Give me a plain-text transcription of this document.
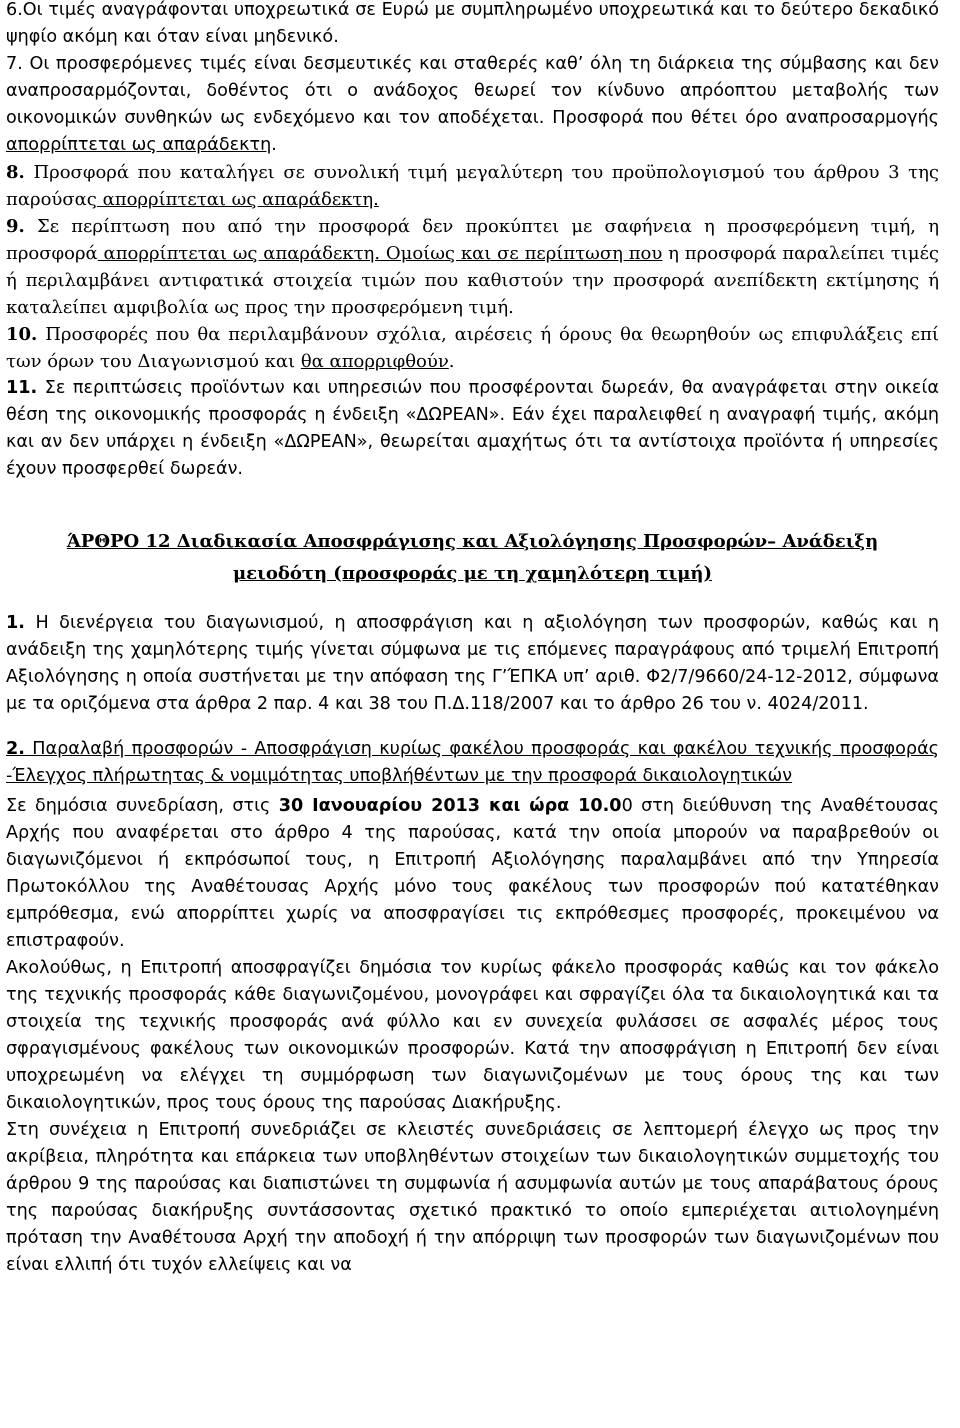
6.Οι τιμές αναγράφονται υποχρεωτικά σε Ευρώ με συμπληρωμένο υποχρεωτικά και το δεύτερο δεκαδικό ψηφίο ακόμη και όταν είναι μηδενικό.

7. Οι προσφερόμενες τιμές είναι δεσμευτικές και σταθερές καθ’ όλη τη διάρκεια της σύμβασης και δεν αναπροσαρμόζονται, δοθέντος ότι ο ανάδοχος θεωρεί τον κίνδυνο απρόοπτου μεταβολής των οικονομικών συνθηκών ως ενδεχόμενο και τον αποδέχεται. Προσφορά που θέτει όρο αναπροσαρμογής απορρίπτεται ως απαράδεκτη.

8. Προσφορά που καταλήγει σε συνολική τιμή μεγαλύτερη του προϋπολογισμού του άρθρου 3 της παρούσας απορρίπτεται ως απαράδεκτη.

9. Σε περίπτωση που από την προσφορά δεν προκύπτει με σαφήνεια η προσφερόμενη τιμή, η προσφορά απορρίπτεται ως απαράδεκτη. Ομοίως και σε περίπτωση που η προσφορά παραλείπει τιμές ή περιλαμβάνει αντιφατικά στοιχεία τιμών που καθιστούν την προσφορά ανεπίδεκτη εκτίμησης ή καταλείπει αμφιβολία ως προς την προσφερόμενη τιμή.

10. Προσφορές που θα περιλαμβάνουν σχόλια, αιρέσεις ή όρους θα θεωρηθούν ως επιφυλάξεις επί των όρων του Διαγωνισμού και θα απορριφθούν.

11. Σε περιπτώσεις προϊόντων και υπηρεσιών που προσφέρονται δωρεάν, θα αναγράφεται στην οικεία θέση της οικονομικής προσφοράς η ένδειξη «ΔΩΡΕΑΝ». Εάν έχει παραλειφθεί η αναγραφή τιμής, ακόμη και αν δεν υπάρχει η ένδειξη «ΔΩΡΕΑΝ», θεωρείται αμαχήτως ότι τα αντίστοιχα προϊόντα ή υπηρεσίες έχουν προσφερθεί δωρεάν.

ΆΡΘΡΟ 12 Διαδικασία Αποσφράγισης και Αξιολόγησης Προσφορών– Ανάδειξη
μειοδότη (προσφοράς με τη χαμηλότερη τιμή)

1. Η διενέργεια του διαγωνισμού, η αποσφράγιση και η αξιολόγηση των προσφορών, καθώς και η ανάδειξη της χαμηλότερης τιμής γίνεται σύμφωνα με τις επόμενες παραγράφους από τριμελή Επιτροπή Αξιολόγησης η οποία συστήνεται με την απόφαση της Γ’ΈΠΚΑ υπ’ αριθ. Φ2/7/9660/24-12-2012, σύμφωνα με τα οριζόμενα στα άρθρα 2 παρ. 4 και 38 του Π.Δ.118/2007 και το άρθρο 26 του ν. 4024/2011.

2. Παραλαβή προσφορών - Αποσφράγιση κυρίως φακέλου προσφοράς και φακέλου τεχνικής προσφοράς -Έλεγχος πλήρωτητας & νομιμότητας υποβλήθέντων με την προσφορά δικαιολογητικών

Σε δημόσια συνεδρίαση, στις 30 Ιανουαρίου 2013 και ώρα 10.00 στη διεύθυνση της Αναθέτουσας Αρχής που αναφέρεται στο άρθρο 4 της παρούσας, κατά την οποία μπορούν να παραβρεθούν οι διαγωνιζόμενοι ή εκπρόσωποί τους, η Επιτροπή Αξιολόγησης παραλαμβάνει από την Υπηρεσία Πρωτοκόλλου της Αναθέτουσας Αρχής μόνο τους φακέλους των προσφορών πού κατατέθηκαν εμπρόθεσμα, ενώ απορρίπτει χωρίς να αποσφραγίσει τις εκπρόθεσμες προσφορές, προκειμένου να επιστραφούν.

Ακολούθως, η Επιτροπή αποσφραγίζει δημόσια τον κυρίως φάκελο προσφοράς καθώς και τον φάκελο της τεχνικής προσφοράς κάθε διαγωνιζομένου, μονογράφει και σφραγίζει όλα τα δικαιολογητικά και τα στοιχεία της τεχνικής προσφοράς ανά φύλλο και εν συνεχεία φυλάσσει σε ασφαλές μέρος τους σφραγισμένους φακέλους των οικονομικών προσφορών. Κατά την αποσφράγιση η Επιτροπή δεν είναι υποχρεωμένη να ελέγχει τη συμμόρφωση των διαγωνιζομένων με τους όρους της και των δικαιολογητικών, προς τους όρους της παρούσας Διακήρυξης.

Στη συνέχεια η Επιτροπή συνεδριάζει σε κλειστές συνεδριάσεις σε λεπτομερή έλεγχο ως προς την ακρίβεια, πληρότητα και επάρκεια των υποβληθέντων στοιχείων των δικαιολογητικών συμμετοχής του άρθρου 9 της παρούσας και διαπιστώνει τη συμφωνία ή ασυμφωνία αυτών με τους απαράβατους όρους της παρούσας διακήρυξης συντάσσοντας σχετικό πρακτικό το οποίο εμπεριέχεται αιτιολογημένη πρόταση την Αναθέτουσα Αρχή την αποδοχή ή την απόρριψη των προσφορών των διαγωνιζομένων που είναι ελλιπή ότι τυχόν ελλείψεις και να
